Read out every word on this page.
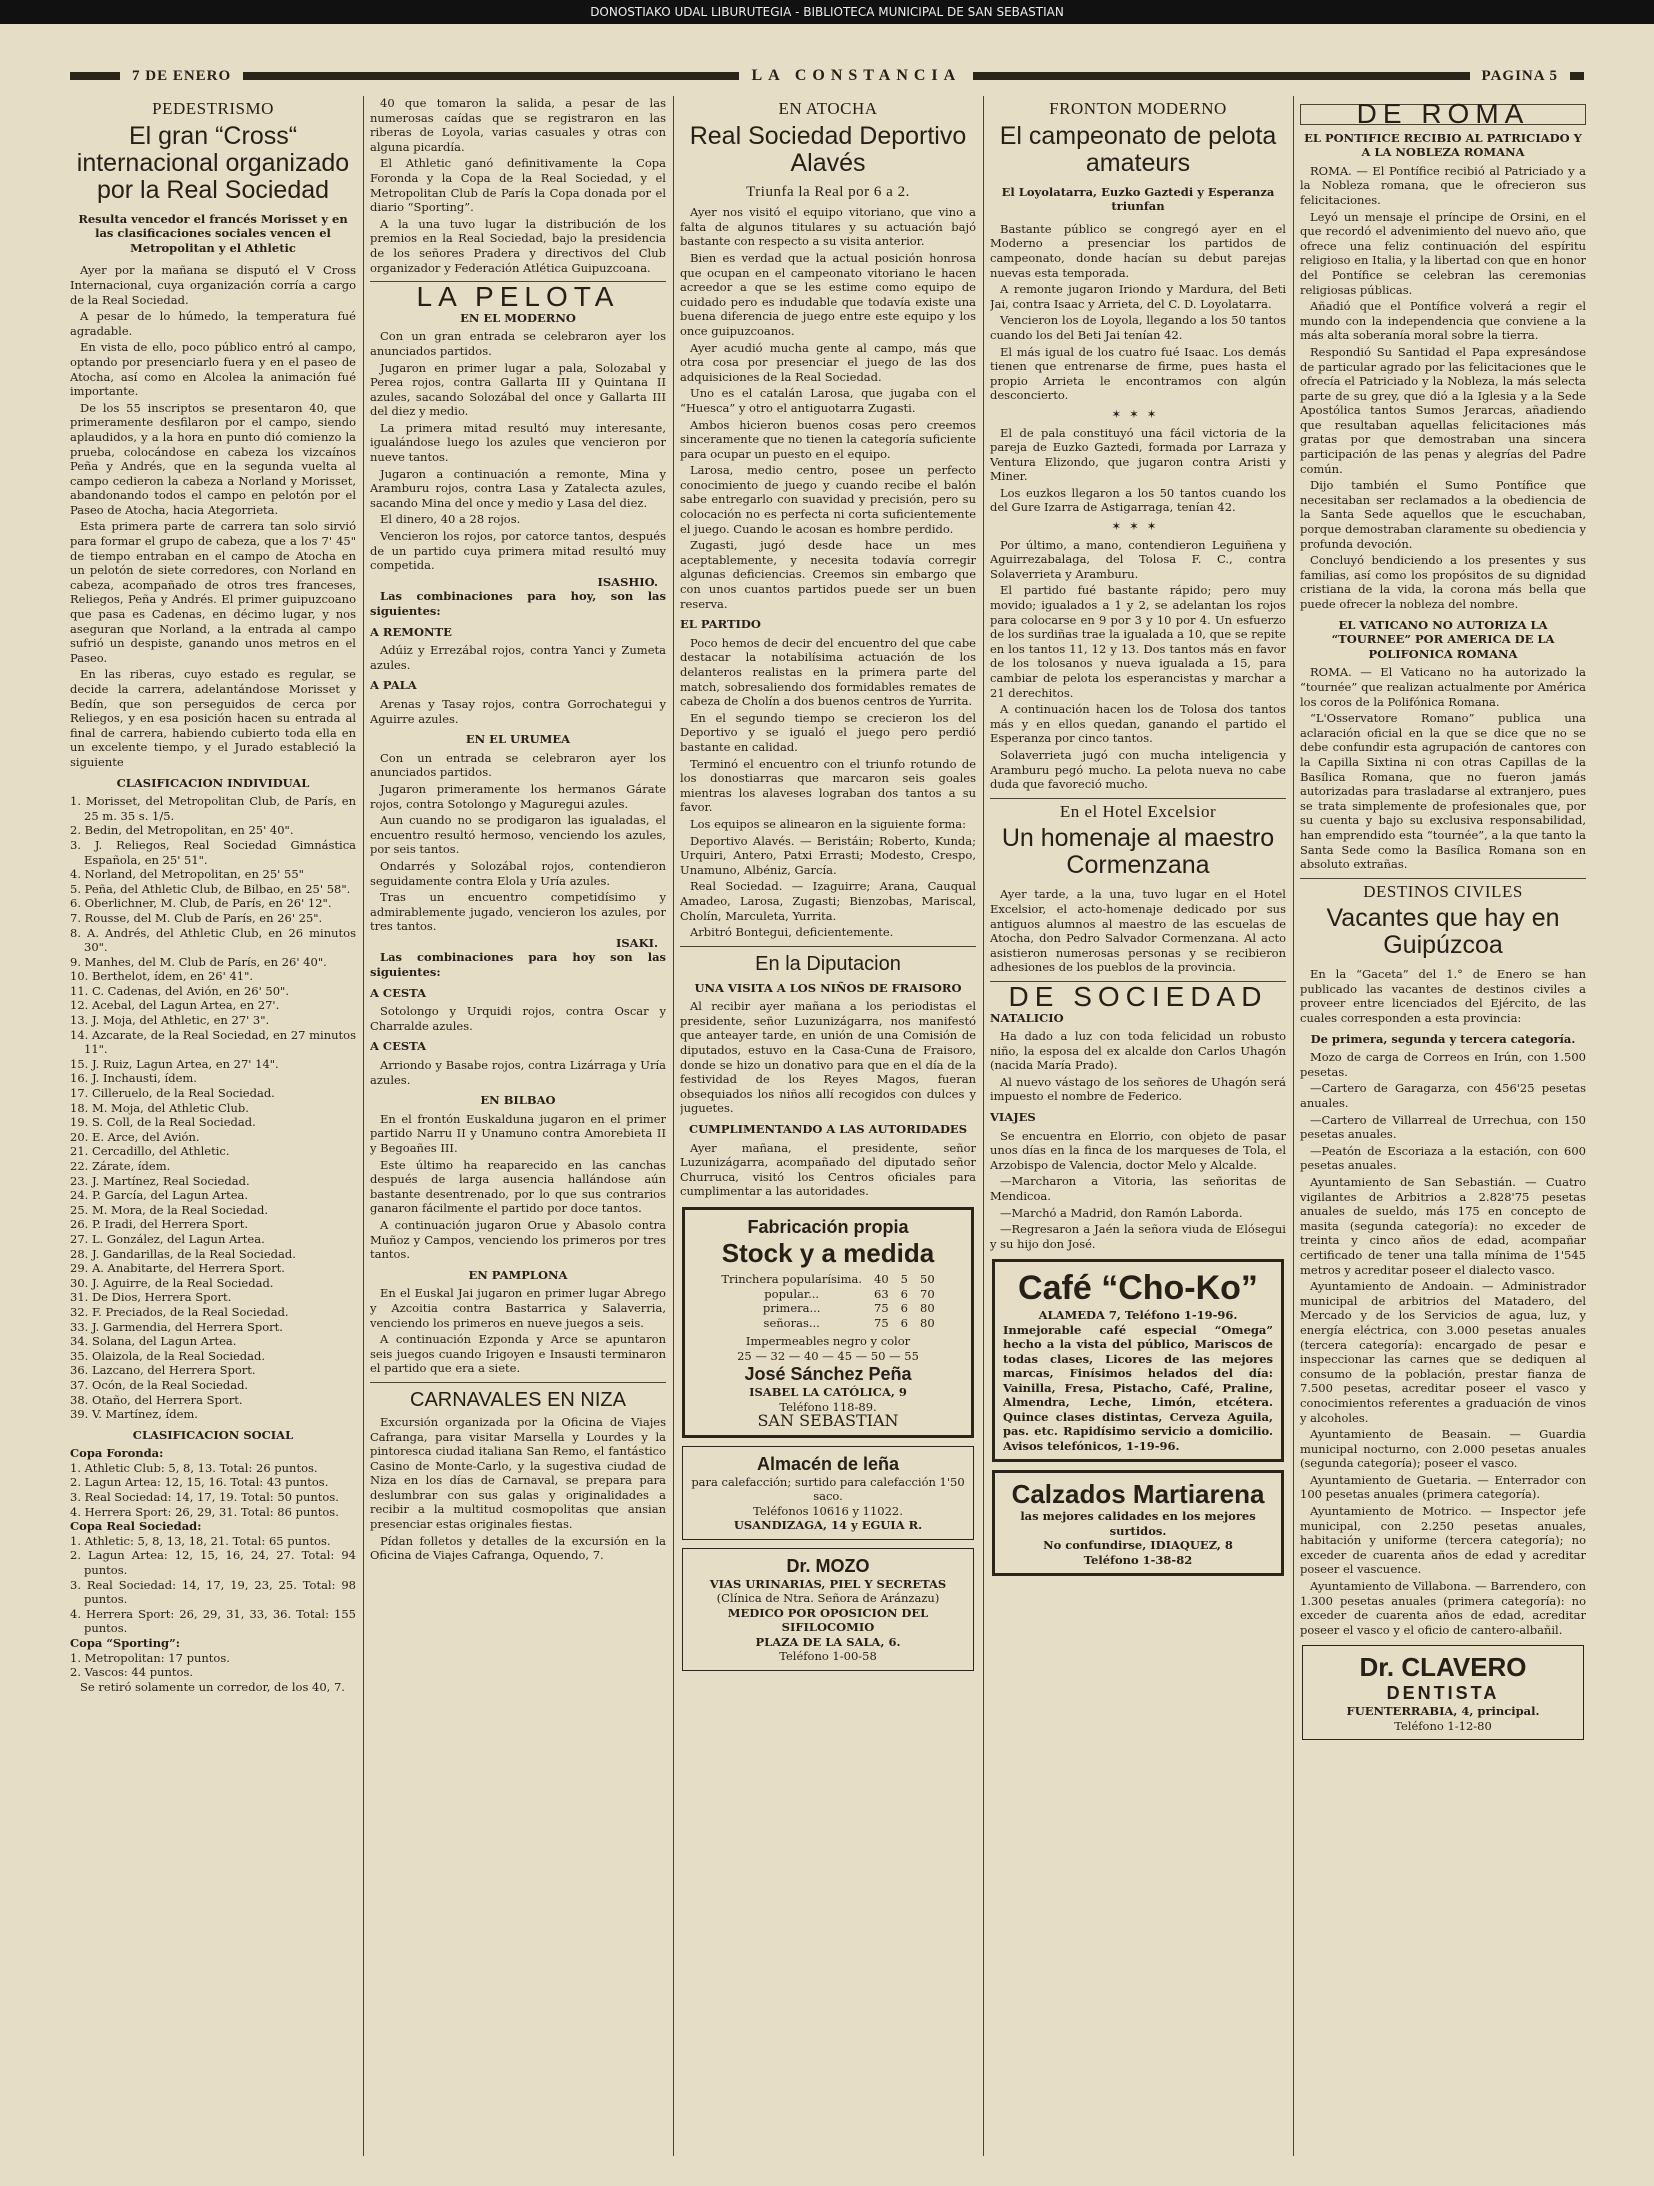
DONOSTIAKO UDAL LIBURUTEGIA - BIBLIOTECA MUNICIPAL DE SAN SEBASTIAN
7 DE ENERO	LA CONSTANCIA	PAGINA 5
PEDESTRISMO
El gran “Cross“ internacional organizado por la Real Sociedad
Resulta vencedor el francés Morisset y en las clasificaciones sociales vencen el Metropolitan y el Athletic

Ayer por la mañana se disputó el V Cross Internacional, cuya organización corría a cargo de la Real Sociedad.

A pesar de lo húmedo, la temperatura fué agradable.

En vista de ello, poco público entró al campo, optando por presenciarlo fuera y en el paseo de Atocha, así como en Alcolea la animación fué importante.

De los 55 inscriptos se presentaron 40, que primeramente desfilaron por el campo, siendo aplaudidos, y a la hora en punto dió comienzo la prueba, colocándose en cabeza los vizcaínos Peña y Andrés, que en la segunda vuelta al campo cedieron la cabeza a Norland y Morisset, abandonando todos el campo en pelotón por el Paseo de Atocha, hacia Ategorrieta.

Esta primera parte de carrera tan solo sirvió para formar el grupo de cabeza, que a los 7' 45" de tiempo entraban en el campo de Atocha en un pelotón de siete corredores, con Norland en cabeza, acompañado de otros tres franceses, Reliegos, Peña y Andrés. El primer guipuzcoano que pasa es Cadenas, en décimo lugar, y nos aseguran que Norland, a la entrada al campo sufrió un despiste, ganando unos metros en el Paseo.

En las riberas, cuyo estado es regular, se decide la carrera, adelantándose Morisset y Bedín, que son perseguidos de cerca por Reliegos, y en esa posición hacen su entrada al final de carrera, habiendo cubierto toda ella en un excelente tiempo, y el Jurado estableció la siguiente

CLASIFICACION INDIVIDUAL
1. Morisset, del Metropolitan Club, de París, en 25 m. 35 s. 1/5.
2. Bedin, del Metropolitan, en 25' 40".
3. J. Reliegos, Real Sociedad Gimnástica Española, en 25' 51".
4. Norland, del Metropolitan, en 25' 55"
5. Peña, del Athletic Club, de Bilbao, en 25' 58".
6. Oberlichner, M. Club, de París, en 26' 12".
7. Rousse, del M. Club de París, en 26' 25".
8. A. Andrés, del Athletic Club, en 26 minutos 30".
9. Manhes, del M. Club de París, en 26' 40".
10. Berthelot, ídem, en 26' 41".
11. C. Cadenas, del Avión, en 26' 50".
12. Acebal, del Lagun Artea, en 27'.
13. J. Moja, del Athletic, en 27' 3".
14. Azcarate, de la Real Sociedad, en 27 minutos 11".
15. J. Ruiz, Lagun Artea, en 27' 14".
16. J. Inchausti, ídem.
17. Cilleruelo, de la Real Sociedad.
18. M. Moja, del Athletic Club.
19. S. Coll, de la Real Sociedad.
20. E. Arce, del Avión.
21. Cercadillo, del Athletic.
22. Zárate, ídem.
23. J. Martínez, Real Sociedad.
24. P. García, del Lagun Artea.
25. M. Mora, de la Real Sociedad.
26. P. Iradi, del Herrera Sport.
27. L. González, del Lagun Artea.
28. J. Gandarillas, de la Real Sociedad.
29. A. Anabitarte, del Herrera Sport.
30. J. Aguirre, de la Real Sociedad.
31. De Dios, Herrera Sport.
32. F. Preciados, de la Real Sociedad.
33. J. Garmendia, del Herrera Sport.
34. Solana, del Lagun Artea.
35. Olaizola, de la Real Sociedad.
36. Lazcano, del Herrera Sport.
37. Ocón, de la Real Sociedad.
38. Otaño, del Herrera Sport.
39. V. Martínez, ídem.
CLASIFICACION SOCIAL
Copa Foronda:
1. Athletic Club: 5, 8, 13. Total: 26 puntos.
2. Lagun Artea: 12, 15, 16. Total: 43 puntos.
3. Real Sociedad: 14, 17, 19. Total: 50 puntos.
4. Herrera Sport: 26, 29, 31. Total: 86 puntos.
Copa Real Sociedad:
1. Athletic: 5, 8, 13, 18, 21. Total: 65 puntos.
2. Lagun Artea: 12, 15, 16, 24, 27. Total: 94 puntos.
3. Real Sociedad: 14, 17, 19, 23, 25. Total: 98 puntos.
4. Herrera Sport: 26, 29, 31, 33, 36. Total: 155 puntos.
Copa “Sporting”:
1. Metropolitan: 17 puntos.
2. Vascos: 44 puntos.

Se retiró solamente un corredor, de los 40, 7.

40 que tomaron la salida, a pesar de las numerosas caídas que se registraron en las riberas de Loyola, varias casuales y otras con alguna picardía.

El Athletic ganó definitivamente la Copa Foronda y la Copa de la Real Sociedad, y el Metropolitan Club de París la Copa donada por el diario “Sporting”.

A la una tuvo lugar la distribución de los premios en la Real Sociedad, bajo la presidencia de los señores Pradera y directivos del Club organizador y Federación Atlética Guipuzcoana.

LA PELOTA
EN EL MODERNO

Con un gran entrada se celebraron ayer los anunciados partidos.

Jugaron en primer lugar a pala, Solozabal y Perea rojos, contra Gallarta III y Quintana II azules, sacando Solozábal del once y Gallarta III del diez y medio.

La primera mitad resultó muy interesante, igualándose luego los azules que vencieron por nueve tantos.

Jugaron a continuación a remonte, Mina y Aramburu rojos, contra Lasa y Zatalecta azules, sacando Mina del once y medio y Lasa del diez.

El dinero, 40 a 28 rojos.

Vencieron los rojos, por catorce tantos, después de un partido cuya primera mitad resultó muy competida.

ISASHIO.

Las combinaciones para hoy, son las siguientes:

A REMONTE

Adúiz y Errezábal rojos, contra Yanci y Zumeta azules.

A PALA

Arenas y Tasay rojos, contra Gorrochategui y Aguirre azules.

EN EL URUMEA

Con un entrada se celebraron ayer los anunciados partidos.

Jugaron primeramente los hermanos Gárate rojos, contra Sotolongo y Maguregui azules.

Aun cuando no se prodigaron las igualadas, el encuentro resultó hermoso, venciendo los azules, por seis tantos.

Ondarrés y Solozábal rojos, contendieron seguidamente contra Elola y Uría azules.

Tras un encuentro competidísimo y admirablemente jugado, vencieron los azules, por tres tantos.

ISAKI.

Las combinaciones para hoy son las siguientes:

A CESTA

Sotolongo y Urquidi rojos, contra Oscar y Charralde azules.

A CESTA

Arriondo y Basabe rojos, contra Lizárraga y Uría azules.

EN BILBAO

En el frontón Euskalduna jugaron en el primer partido Narru II y Unamuno contra Amorebieta II y Begoañes III.

Este último ha reaparecido en las canchas después de larga ausencia hallándose aún bastante desentrenado, por lo que sus contrarios ganaron fácilmente el partido por doce tantos.

A continuación jugaron Orue y Abasolo contra Muñoz y Campos, venciendo los primeros por tres tantos.

EN PAMPLONA

En el Euskal Jai jugaron en primer lugar Abrego y Azcoitia contra Bastarrica y Salaverria, venciendo los primeros en nueve juegos a seis.

A continuación Ezponda y Arce se apuntaron seis juegos cuando Irigoyen e Insausti terminaron el partido que era a siete.

CARNAVALES EN NIZA

Excursión organizada por la Oficina de Viajes Cafranga, para visitar Marsella y Lourdes y la pintoresca ciudad italiana San Remo, el fantástico Casino de Monte-Carlo, y la sugestiva ciudad de Niza en los días de Carnaval, se prepara para deslumbrar con sus galas y originalidades a recibir a la multitud cosmopolitas que ansian presenciar estas originales fiestas.

Pídan folletos y detalles de la excursión en la Oficina de Viajes Cafranga, Oquendo, 7.

EN ATOCHA
Real Sociedad Deportivo Alavés
Triunfa la Real por 6 a 2.

Ayer nos visitó el equipo vitoriano, que vino a falta de algunos titulares y su actuación bajó bastante con respecto a su visita anterior.

Bien es verdad que la actual posición honrosa que ocupan en el campeonato vitoriano le hacen acreedor a que se les estime como equipo de cuidado pero es indudable que todavía existe una buena diferencia de juego entre este equipo y los once guipuzcoanos.

Ayer acudió mucha gente al campo, más que otra cosa por presenciar el juego de las dos adquisiciones de la Real Sociedad.

Uno es el catalán Larosa, que jugaba con el “Huesca” y otro el antiguotarra Zugasti.

Ambos hicieron buenos cosas pero creemos sinceramente que no tienen la categoría suficiente para ocupar un puesto en el equipo.

Larosa, medio centro, posee un perfecto conocimiento de juego y cuando recibe el balón sabe entregarlo con suavidad y precisión, pero su colocación no es perfecta ni corta suficientemente el juego. Cuando le acosan es hombre perdido.

Zugasti, jugó desde hace un mes aceptablemente, y necesita todavía corregir algunas deficiencias. Creemos sin embargo que con unos cuantos partidos puede ser un buen reserva.

EL PARTIDO

Poco hemos de decir del encuentro del que cabe destacar la notabilísima actuación de los delanteros realistas en la primera parte del match, sobresaliendo dos formidables remates de cabeza de Cholín a dos buenos centros de Yurrita.

En el segundo tiempo se crecieron los del Deportivo y se igualó el juego pero perdió bastante en calidad.

Terminó el encuentro con el triunfo rotundo de los donostiarras que marcaron seis goales mientras los alaveses lograban dos tantos a su favor.

Los equipos se alinearon en la siguiente forma:

Deportivo Alavés. — Beristáin; Roberto, Kunda; Urquiri, Antero, Patxi Errasti; Modesto, Crespo, Unamuno, Albéniz, García.

Real Sociedad. — Izaguirre; Arana, Cauqual Amadeo, Larosa, Zugasti; Bienzobas, Mariscal, Cholín, Marculeta, Yurrita.

Arbitró Bontegui, deficientemente.

En la Diputacion
UNA VISITA A LOS NIÑOS DE FRAISORO

Al recibir ayer mañana a los periodistas el presidente, señor Luzunizágarra, nos manifestó que anteayer tarde, en unión de una Comisión de diputados, estuvo en la Casa-Cuna de Fraisoro, donde se hizo un donativo para que en el día de la festividad de los Reyes Magos, fueran obsequiados los niños allí recogidos con dulces y juguetes.

CUMPLIMENTANDO A LAS AUTORIDADES

Ayer mañana, el presidente, señor Luzunizágarra, acompañado del diputado señor Churruca, visitó los Centros oficiales para cumplimentar a las autoridades.

Fabricación propia
Stock y a medida
Trinchera popularísima.	40	5	50
popular...	63	6	70
primera...	75	6	80
señoras...	75	6	80
Impermeables negro y color
25 — 32 — 40 — 45 — 50 — 55
José Sánchez Peña
ISABEL LA CATÓLICA, 9
Teléfono 118-89.
SAN SEBASTIAN
Almacén de leña
para calefacción; surtido para calefacción 1'50 saco.
Teléfonos 10616 y 11022.
USANDIZAGA, 14 y EGUIA R.
Dr. MOZO
VIAS URINARIAS, PIEL Y SECRETAS
(Clínica de Ntra. Señora de Aránzazu)
MEDICO POR OPOSICION DEL SIFILOCOMIO
PLAZA DE LA SALA, 6.
Teléfono 1-00-58
FRONTON MODERNO
El campeonato de pelota amateurs
El Loyolatarra, Euzko Gaztedi y Esperanza triunfan

Bastante público se congregó ayer en el Moderno a presenciar los partidos de campeonato, donde hacían su debut parejas nuevas esta temporada.

A remonte jugaron Iriondo y Mardura, del Beti Jai, contra Isaac y Arrieta, del C. D. Loyolatarra.

Vencieron los de Loyola, llegando a los 50 tantos cuando los del Beti Jai tenían 42.

El más igual de los cuatro fué Isaac. Los demás tienen que entrenarse de firme, pues hasta el propio Arrieta le encontramos con algún desconcierto.

✶✶✶

El de pala constituyó una fácil victoria de la pareja de Euzko Gaztedi, formada por Larraza y Ventura Elizondo, que jugaron contra Aristi y Miner.

Los euzkos llegaron a los 50 tantos cuando los del Gure Izarra de Astigarraga, tenían 42.

✶✶✶

Por último, a mano, contendieron Leguiñena y Aguirrezabalaga, del Tolosa F. C., contra Solaverrieta y Aramburu.

El partido fué bastante rápido; pero muy movido; igualados a 1 y 2, se adelantan los rojos para colocarse en 9 por 3 y 10 por 4. Un esfuerzo de los surdiñas trae la igualada a 10, que se repite en los tantos 11, 12 y 13. Dos tantos más en favor de los tolosanos y nueva igualada a 15, para cambiar de pelota los esperancistas y marchar a 21 derechitos.

A continuación hacen los de Tolosa dos tantos más y en ellos quedan, ganando el partido el Esperanza por cinco tantos.

Solaverrieta jugó con mucha inteligencia y Aramburu pegó mucho. La pelota nueva no cabe duda que favoreció mucho.

En el Hotel Excelsior
Un homenaje al maestro Cormenzana

Ayer tarde, a la una, tuvo lugar en el Hotel Excelsior, el acto-homenaje dedicado por sus antiguos alumnos al maestro de las escuelas de Atocha, don Pedro Salvador Cormenzana. Al acto asistieron numerosas personas y se recibieron adhesiones de los pueblos de la provincia.

DE SOCIEDAD
NATALICIO

Ha dado a luz con toda felicidad un robusto niño, la esposa del ex alcalde don Carlos Uhagón (nacida María Prado).

Al nuevo vástago de los señores de Uhagón será impuesto el nombre de Federico.

VIAJES

Se encuentra en Elorrio, con objeto de pasar unos días en la finca de los marqueses de Tola, el Arzobispo de Valencia, doctor Melo y Alcalde.

—Marcharon a Vitoria, las señoritas de Mendicoa.

—Marchó a Madrid, don Ramón Laborda.

—Regresaron a Jaén la señora viuda de Elósegui y su hijo don José.

Café “Cho-Ko”
ALAMEDA 7, Teléfono 1-19-96.
Inmejorable café especial “Omega” hecho a la vista del público, Mariscos de todas clases, Licores de las mejores marcas, Finísimos helados del día: Vainilla, Fresa, Pistacho, Café, Praline, Almendra, Leche, Limón, etcétera. Quince clases distintas, Cerveza Aguila, pas. etc. Rapidísimo servicio a domicilio. Avisos telefónicos, 1-19-96.
Calzados Martiarena
las mejores calidades en los mejores surtidos.
No confundirse, IDIAQUEZ, 8
Teléfono 1-38-82
DE ROMA
EL PONTIFICE RECIBIO AL PATRICIADO Y A LA NOBLEZA ROMANA

ROMA. — El Pontífice recibió al Patriciado y a la Nobleza romana, que le ofrecieron sus felicitaciones.

Leyó un mensaje el príncipe de Orsini, en el que recordó el advenimiento del nuevo año, que ofrece una feliz continuación del espíritu religioso en Italia, y la libertad con que en honor del Pontífice se celebran las ceremonias religiosas públicas.

Añadió que el Pontífice volverá a regir el mundo con la independencia que conviene a la más alta soberanía moral sobre la tierra.

Respondió Su Santidad el Papa expresándose de particular agrado por las felicitaciones que le ofrecía el Patriciado y la Nobleza, la más selecta parte de su grey, que dió a la Iglesia y a la Sede Apostólica tantos Sumos Jerarcas, añadiendo que resultaban aquellas felicitaciones más gratas por que demostraban una sincera participación de las penas y alegrías del Padre común.

Dijo también el Sumo Pontífice que necesitaban ser reclamados a la obediencia de la Santa Sede aquellos que le escuchaban, porque demostraban claramente su obediencia y profunda devoción.

Concluyó bendiciendo a los presentes y sus familias, así como los propósitos de su dignidad cristiana de la vida, la corona más bella que puede ofrecer la nobleza del nombre.

EL VATICANO NO AUTORIZA LA “TOURNEE” POR AMERICA DE LA POLIFONICA ROMANA

ROMA. — El Vaticano no ha autorizado la “tournée” que realizan actualmente por América los coros de la Polifónica Romana.

“L'Osservatore Romano” publica una aclaración oficial en la que se dice que no se debe confundir esta agrupación de cantores con la Capilla Sixtina ni con otras Capillas de la Basílica Romana, que no fueron jamás autorizadas para trasladarse al extranjero, pues se trata simplemente de profesionales que, por su cuenta y bajo su exclusiva responsabilidad, han emprendido esta “tournée”, a la que tanto la Santa Sede como la Basílica Romana son en absoluto extrañas.

DESTINOS CIVILES
Vacantes que hay en Guipúzcoa

En la “Gaceta” del 1.° de Enero se han publicado las vacantes de destinos civiles a proveer entre licenciados del Ejército, de las cuales corresponden a esta provincia:

De primera, segunda y tercera categoría.

Mozo de carga de Correos en Irún, con 1.500 pesetas.

—Cartero de Garagarza, con 456'25 pesetas anuales.

—Cartero de Villarreal de Urrechua, con 150 pesetas anuales.

—Peatón de Escoriaza a la estación, con 600 pesetas anuales.

Ayuntamiento de San Sebastián. — Cuatro vigilantes de Arbitrios a 2.828'75 pesetas anuales de sueldo, más 175 en concepto de masita (segunda categoría): no exceder de treinta y cinco años de edad, acompañar certificado de tener una talla mínima de 1'545 metros y acreditar poseer el dialecto vasco.

Ayuntamiento de Andoain. — Administrador municipal de arbitrios del Matadero, del Mercado y de los Servicios de agua, luz, y energía eléctrica, con 3.000 pesetas anuales (tercera categoría): encargado de pesar e inspeccionar las carnes que se dediquen al consumo de la población, prestar fianza de 7.500 pesetas, acreditar poseer el vasco y conocimientos referentes a graduación de vinos y alcoholes.

Ayuntamiento de Beasain. — Guardia municipal nocturno, con 2.000 pesetas anuales (segunda categoría); poseer el vasco.

Ayuntamiento de Guetaria. — Enterrador con 100 pesetas anuales (primera categoría).

Ayuntamiento de Motrico. — Inspector jefe municipal, con 2.250 pesetas anuales, habitación y uniforme (tercera categoría); no exceder de cuarenta años de edad y acreditar poseer el vascuence.

Ayuntamiento de Villabona. — Barrendero, con 1.300 pesetas anuales (primera categoría): no exceder de cuarenta años de edad, acreditar poseer el vasco y el oficio de cantero-albañil.

Dr. CLAVERO
DENTISTA
FUENTERRABIA, 4, principal.
Teléfono 1-12-80
